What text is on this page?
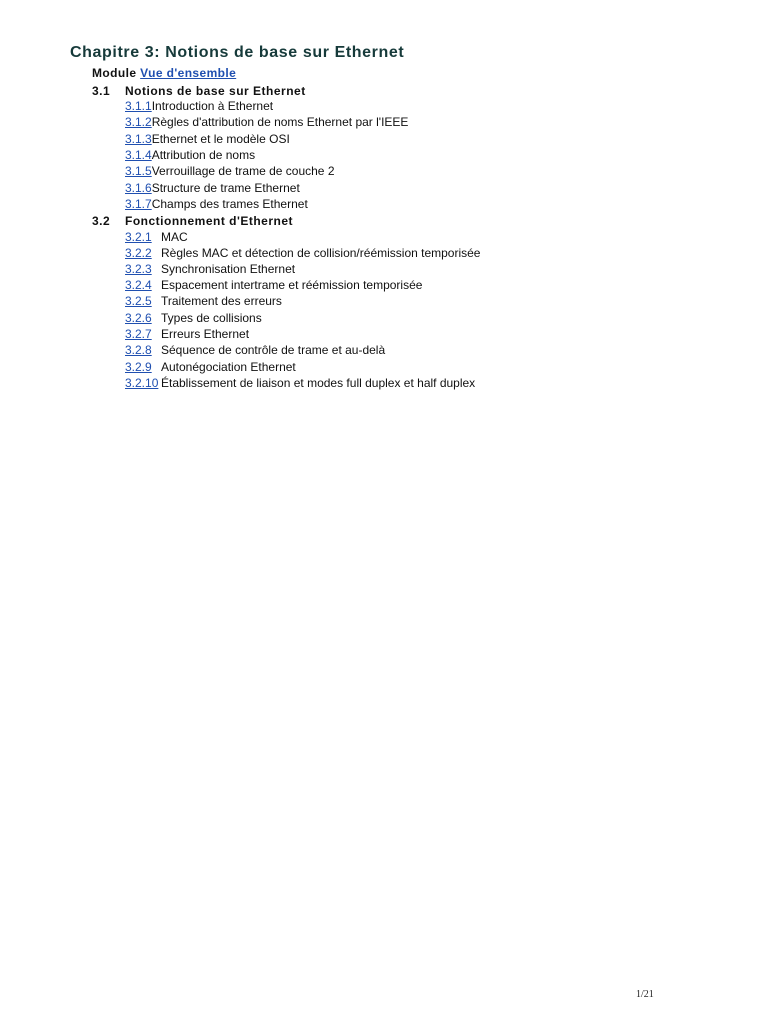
Chapitre 3: Notions de base sur Ethernet
Module Vue d'ensemble
3.1 Notions de base sur Ethernet
3.1.1Introduction à Ethernet
3.1.2Règles d'attribution de noms Ethernet par l'IEEE
3.1.3Ethernet et le modèle OSI
3.1.4Attribution de noms
3.1.5Verrouillage de trame de couche 2
3.1.6Structure de trame Ethernet
3.1.7Champs des trames Ethernet
3.2 Fonctionnement d'Ethernet
3.2.1 MAC
3.2.2 Règles MAC et détection de collision/réémission temporisée
3.2.3 Synchronisation Ethernet
3.2.4 Espacement intertrame et réémission temporisée
3.2.5 Traitement des erreurs
3.2.6 Types de collisions
3.2.7 Erreurs Ethernet
3.2.8 Séquence de contrôle de trame et au-delà
3.2.9 Autonégociation Ethernet
3.2.10 Établissement de liaison et modes full duplex et half duplex
1/21
